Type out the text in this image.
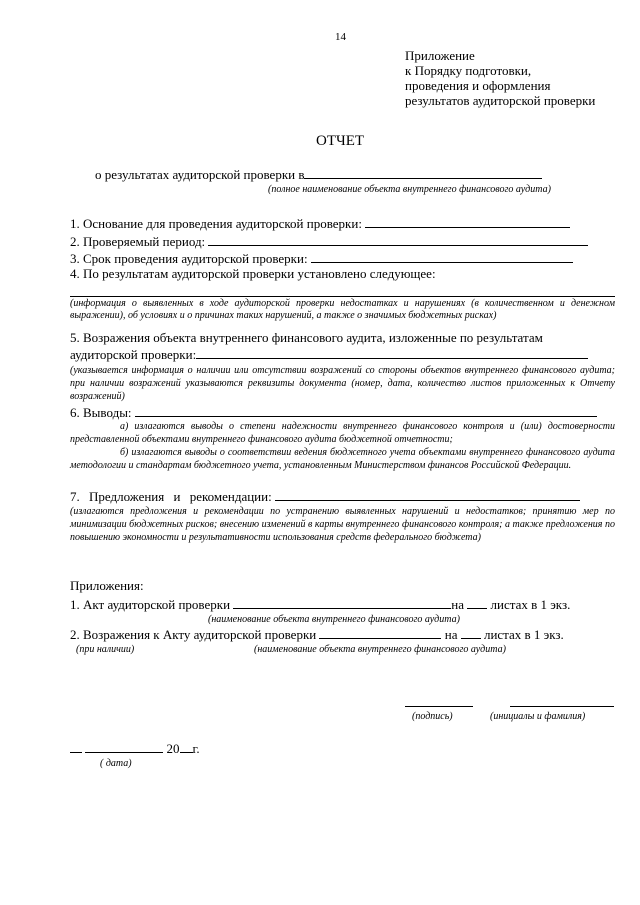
14
Приложение
к Порядку подготовки,
проведения и оформления
результатов аудиторской проверки
ОТЧЕТ
о результатах аудиторской проверки в
(полное наименование объекта внутреннего финансового аудита)
1. Основание для проведения аудиторской проверки:
2. Проверяемый период:
3. Срок проведения аудиторской проверки:
4. По результатам аудиторской проверки установлено следующее:
(информация о выявленных в ходе аудиторской проверки недостатках и нарушениях (в количественном и денежном выражении), об условиях и о причинах таких нарушений, а также о значимых бюджетных рисках)
5. Возражения объекта внутреннего финансового аудита, изложенные по результатам
аудиторской проверки:
(указывается информация о наличии или отсутствии возражений со стороны объектов внутреннего финансового аудита; при наличии возражений указываются реквизиты документа (номер, дата, количество листов приложенных к Отчету возражений)
6. Выводы:
а) излагаются выводы о степени надежности внутреннего финансового контроля и (или) достоверности представленной объектами внутреннего финансового аудита бюджетной отчетности;
б) излагаются выводы о соответствии ведения бюджетного учета объектами внутреннего финансового аудита методологии и стандартам бюджетного учета, установленным Министерством финансов Российской Федерации.
7. Предложения и рекомендации:
(излагаются предложения и рекомендации по устранению выявленных нарушений и недостатков; принятию мер по минимизации бюджетных рисков; внесению изменений в карты внутреннего финансового контроля; а также предложения по повышению экономности и результативности использования средств федерального бюджета)
Приложения:
1. Акт аудиторской проверки	на листах в 1 экз.
(наименование объекта внутреннего финансового аудита)
2. Возражения к Акту аудиторской проверки	на листах в 1 экз.
(при наличии)	(наименование объекта внутреннего финансового аудита)
(подпись)	(инициалы и фамилия)
20 г.
( дата)
